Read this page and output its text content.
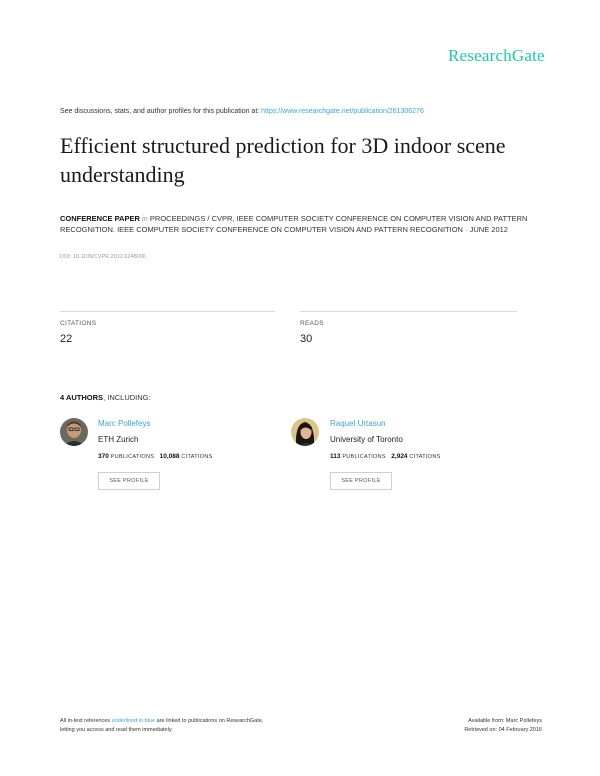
ResearchGate
See discussions, stats, and author profiles for this publication at: https://www.researchgate.net/publication/261306276
Efficient structured prediction for 3D indoor scene understanding
CONFERENCE PAPER in PROCEEDINGS / CVPR, IEEE COMPUTER SOCIETY CONFERENCE ON COMPUTER VISION AND PATTERN RECOGNITION. IEEE COMPUTER SOCIETY CONFERENCE ON COMPUTER VISION AND PATTERN RECOGNITION · JUNE 2012
DOI: 10.1109/CVPR.2012.6248006
CITATIONS
22
READS
30
4 AUTHORS, INCLUDING:
Marc Pollefeys
ETH Zurich
370 PUBLICATIONS 10,088 CITATIONS
SEE PROFILE
Raquel Urtasun
University of Toronto
113 PUBLICATIONS 2,924 CITATIONS
SEE PROFILE
All in-text references underlined in blue are linked to publications on ResearchGate,
letting you access and read them immediately.
Available from: Marc Pollefeys
Retrieved on: 04 February 2016
